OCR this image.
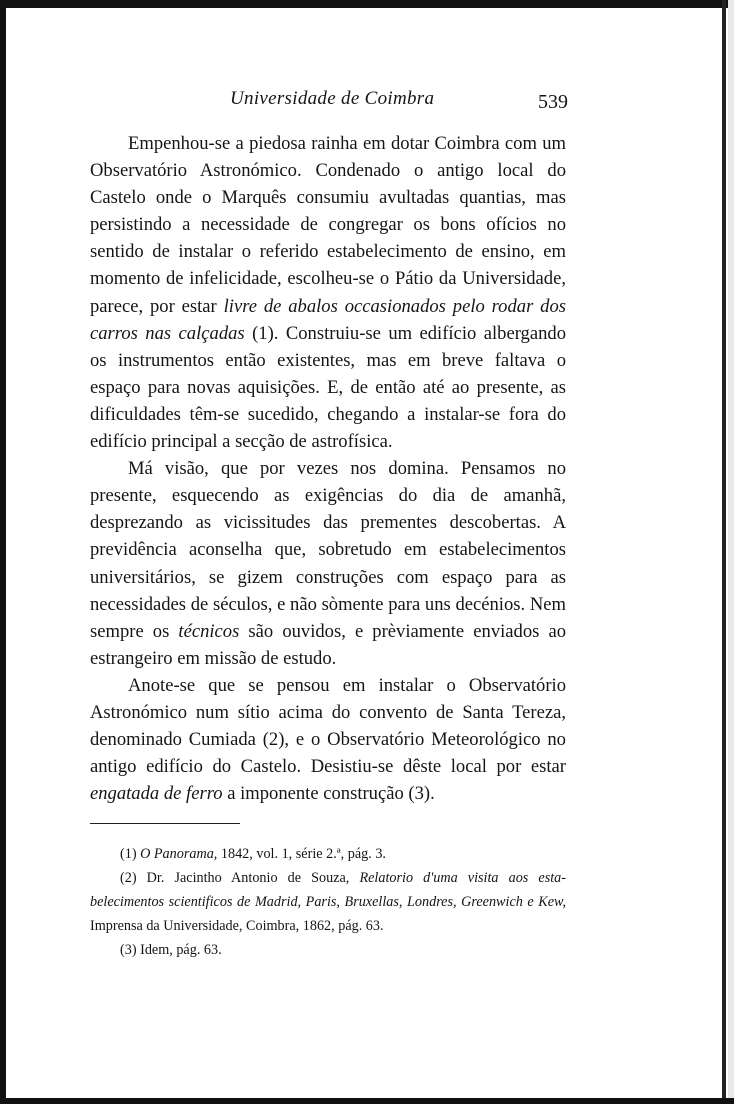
Universidade de Coimbra	539

Empenhou-se a piedosa rainha em dotar Coimbra com um Observatório Astronómico. Condenado o antigo local do Castelo onde o Marquês consumiu avultadas quantias, mas persistindo a necessidade de congregar os bons ofícios no sentido de instalar o referido estabelecimento de ensino, em momento de infelicidade, escolheu-se o Pátio da Universidade, parece, por estar livre de abalos occasionados pelo rodar dos carros nas calçadas (1). Construiu-se um edifício albergando os instrumentos então existentes, mas em breve faltava o espaço para novas aquisições. E, de então até ao presente, as dificuldades têm-se sucedido, chegando a instalar-se fora do edifício principal a secção de astrofísica.

Má visão, que por vezes nos domina. Pensamos no presente, esquecendo as exigências do dia de amanhã, desprezando as vicissitudes das prementes descobertas. A previdência aconselha que, sobretudo em estabelecimentos universitários, se gizem construções com espaço para as necessidades de séculos, e não sòmente para uns decénios. Nem sempre os técnicos são ouvidos, e prèviamente enviados ao estrangeiro em missão de estudo.

Anote-se que se pensou em instalar o Observatório Astronómico num sítio acima do convento de Santa Tereza, denominado Cumiada (2), e o Observatório Meteorológico no antigo edifício do Castelo. Desistiu-se dêste local por estar engatada de ferro a imponente construção (3).

(1) O Panorama, 1842, vol. 1, série 2.ª, pág. 3.

(2) Dr. Jacintho Antonio de Souza, Relatorio d'uma visita aos estabelecimentos scientificos de Madrid, Paris, Bruxellas, Londres, Greenwich e Kew, Imprensa da Universidade, Coimbra, 1862, pág. 63.

(3) Idem, pág. 63.
